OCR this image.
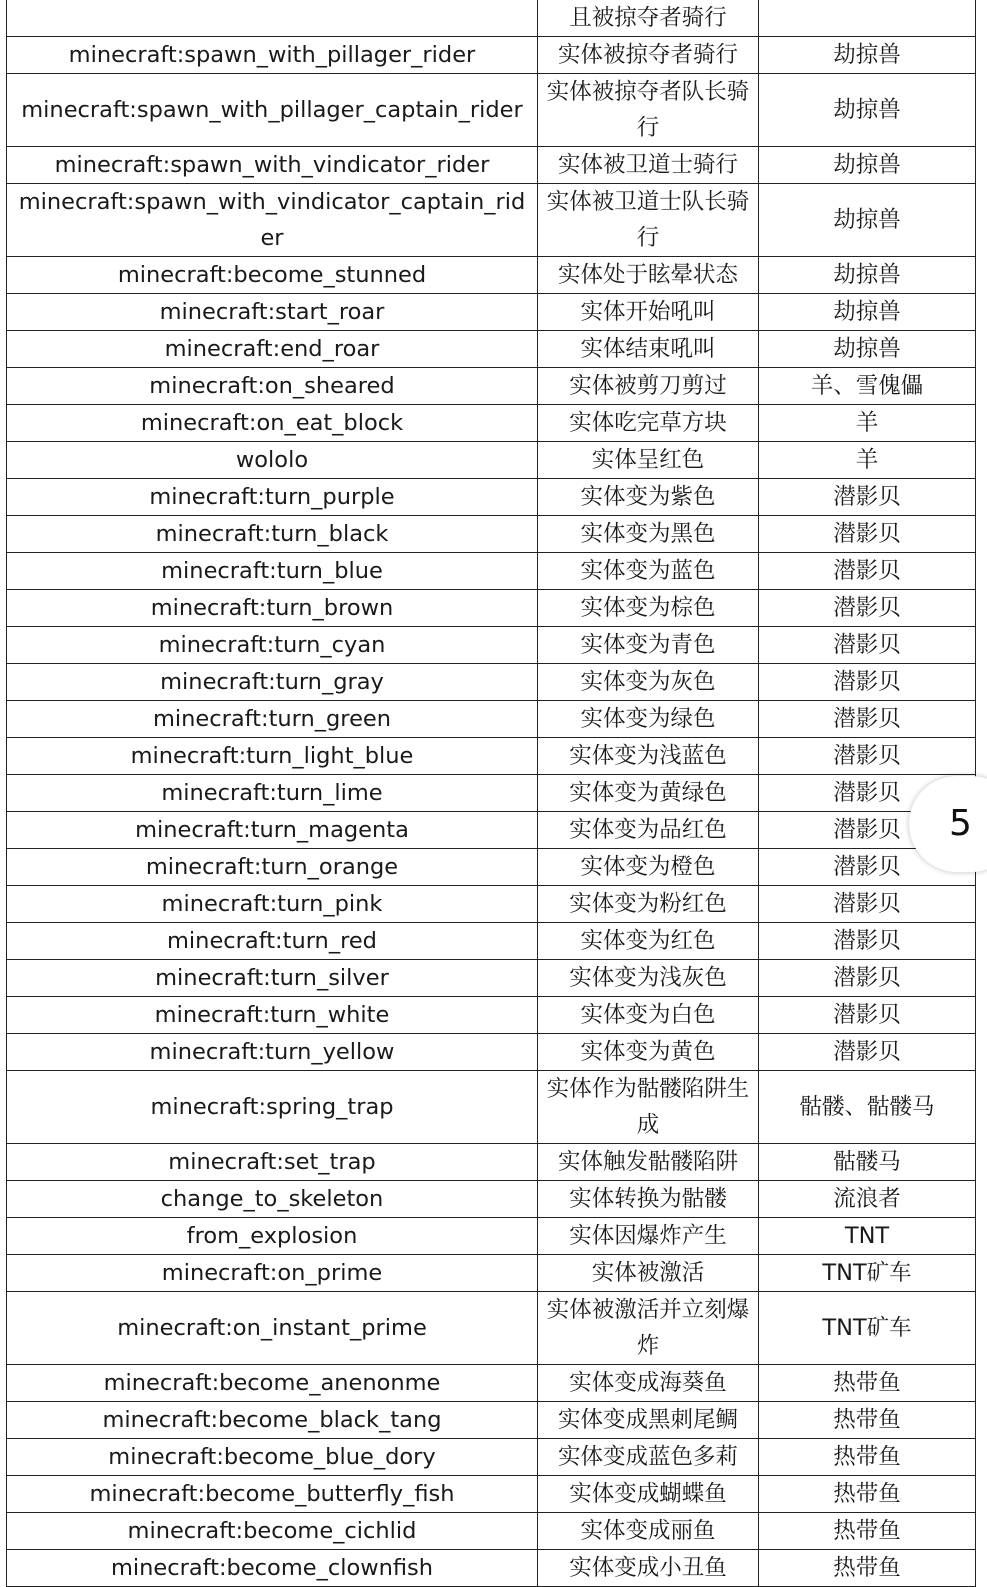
	且被掠夺者骑行	
minecraft:spawn_with_pillager_rider	实体被掠夺者骑行	劫掠兽
minecraft:spawn_with_pillager_captain_rider	实体被掠夺者队长骑行	劫掠兽
minecraft:spawn_with_vindicator_rider	实体被卫道士骑行	劫掠兽
minecraft:spawn_with_vindicator_captain_rider	实体被卫道士队长骑行	劫掠兽
minecraft:become_stunned	实体处于眩晕状态	劫掠兽
minecraft:start_roar	实体开始吼叫	劫掠兽
minecraft:end_roar	实体结束吼叫	劫掠兽
minecraft:on_sheared	实体被剪刀剪过	羊、雪傀儡
minecraft:on_eat_block	实体吃完草方块	羊
wololo	实体呈红色	羊
minecraft:turn_purple	实体变为紫色	潜影贝
minecraft:turn_black	实体变为黑色	潜影贝
minecraft:turn_blue	实体变为蓝色	潜影贝
minecraft:turn_brown	实体变为棕色	潜影贝
minecraft:turn_cyan	实体变为青色	潜影贝
minecraft:turn_gray	实体变为灰色	潜影贝
minecraft:turn_green	实体变为绿色	潜影贝
minecraft:turn_light_blue	实体变为浅蓝色	潜影贝
minecraft:turn_lime	实体变为黄绿色	潜影贝
minecraft:turn_magenta	实体变为品红色	潜影贝
minecraft:turn_orange	实体变为橙色	潜影贝
minecraft:turn_pink	实体变为粉红色	潜影贝
minecraft:turn_red	实体变为红色	潜影贝
minecraft:turn_silver	实体变为浅灰色	潜影贝
minecraft:turn_white	实体变为白色	潜影贝
minecraft:turn_yellow	实体变为黄色	潜影贝
minecraft:spring_trap	实体作为骷髅陷阱生成	骷髅、骷髅马
minecraft:set_trap	实体触发骷髅陷阱	骷髅马
change_to_skeleton	实体转换为骷髅	流浪者
from_explosion	实体因爆炸产生	TNT
minecraft:on_prime	实体被激活	TNT矿车
minecraft:on_instant_prime	实体被激活并立刻爆炸	TNT矿车
minecraft:become_anenonme	实体变成海葵鱼	热带鱼
minecraft:become_black_tang	实体变成黑刺尾鲷	热带鱼
minecraft:become_blue_dory	实体变成蓝色多莉	热带鱼
minecraft:become_butterfly_fish	实体变成蝴蝶鱼	热带鱼
minecraft:become_cichlid	实体变成丽鱼	热带鱼
minecraft:become_clownfish	实体变成小丑鱼	热带鱼
5
